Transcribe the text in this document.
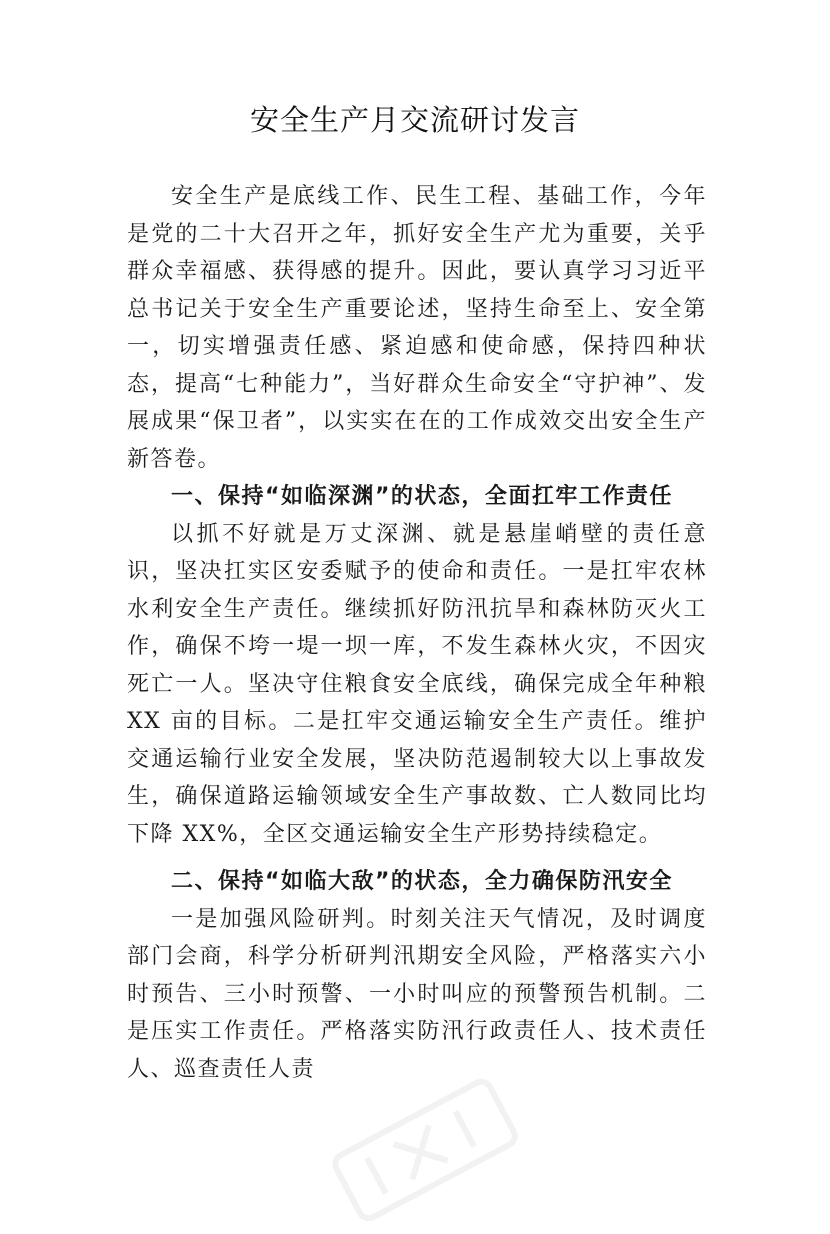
安全生产月交流研讨发言

安全生产是底线工作、民生工程、基础工作，今年是党的二十大召开之年，抓好安全生产尤为重要，关乎群众幸福感、获得感的提升。因此，要认真学习习近平总书记关于安全生产重要论述，坚持生命至上、安全第一，切实增强责任感、紧迫感和使命感，保持四种状态，提高“七种能力”，当好群众生命安全“守护神”、发展成果“保卫者”，以实实在在的工作成效交出安全生产新答卷。

一、保持“如临深渊”的状态，全面扛牢工作责任

以抓不好就是万丈深渊、就是悬崖峭壁的责任意识，坚决扛实区安委赋予的使命和责任。一是扛牢农林水利安全生产责任。继续抓好防汛抗旱和森林防灭火工作，确保不垮一堤一坝一库，不发生森林火灾，不因灾死亡一人。坚决守住粮食安全底线，确保完成全年种粮 XX 亩的目标。二是扛牢交通运输安全生产责任。维护交通运输行业安全发展，坚决防范遏制较大以上事故发生，确保道路运输领域安全生产事故数、亡人数同比均下降 XX%，全区交通运输安全生产形势持续稳定。

二、保持“如临大敌”的状态，全力确保防汛安全

一是加强风险研判。时刻关注天气情况，及时调度部门会商，科学分析研判汛期安全风险，严格落实六小时预告、三小时预警、一小时叫应的预警预告机制。二是压实工作责任。严格落实防汛行政责任人、技术责任人、巡查责任人责
